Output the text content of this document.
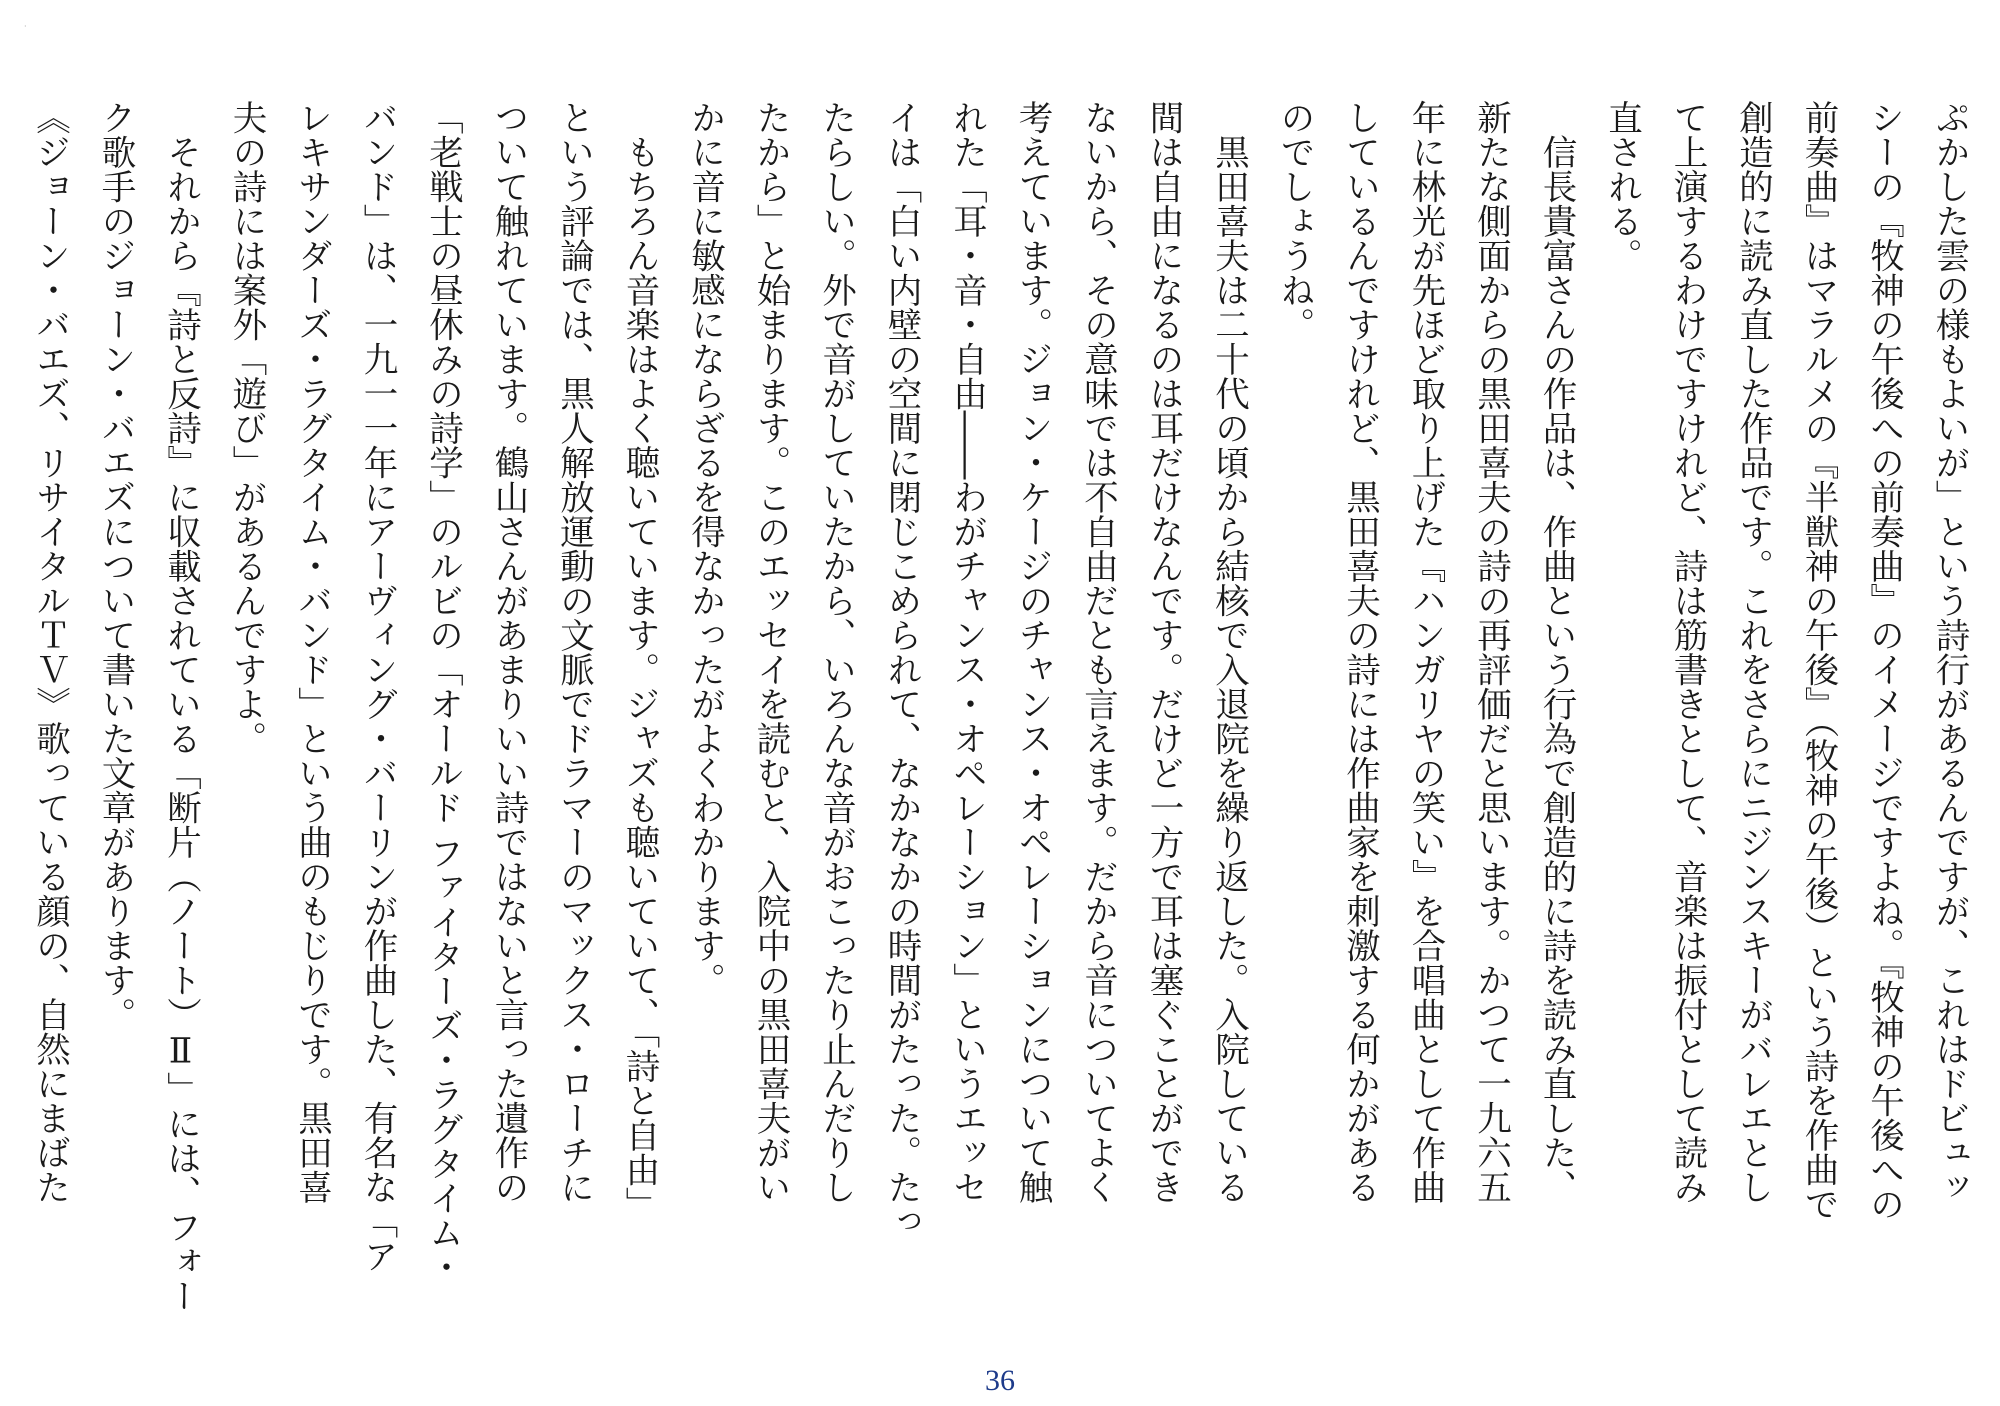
·
ぷかした雲の様もよいが」という詩行があるんですが、これはドビュッ
シーの『牧神の午後への前奏曲』のイメージですよね。『牧神の午後への
前奏曲』はマラルメの『半獣神の午後』（牧神の午後）という詩を作曲で
創造的に読み直した作品です。これをさらにニジンスキーがバレエとし
て上演するわけですけれど、詩は筋書きとして、音楽は振付として読み
直される。
　信長貴富さんの作品は、作曲という行為で創造的に詩を読み直した、
新たな側面からの黒田喜夫の詩の再評価だと思います。かつて一九六五
年に林光が先ほど取り上げた『ハンガリヤの笑い』を合唱曲として作曲
しているんですけれど、黒田喜夫の詩には作曲家を刺激する何かがある
のでしょうね。
　黒田喜夫は二十代の頃から結核で入退院を繰り返した。入院している
間は自由になるのは耳だけなんです。だけど一方で耳は塞ぐことができ
ないから、その意味では不自由だとも言えます。だから音についてよく
考えています。ジョン・ケージのチャンス・オペレーションについて触
れた「耳・音・自由――わがチャンス・オペレーション」というエッセ
イは「白い内壁の空間に閉じこめられて、なかなかの時間がたった。たっ
たらしい。外で音がしていたから、いろんな音がおこったり止んだりし
たから」と始まります。このエッセイを読むと、入院中の黒田喜夫がい
かに音に敏感にならざるを得なかったがよくわかります。
　もちろん音楽はよく聴いています。ジャズも聴いていて、「詩と自由」
という評論では、黒人解放運動の文脈でドラマーのマックス・ローチに
ついて触れています。鶴山さんがあまりいい詩ではないと言った遺作の
「老戦士の昼休みの詩学」のルビの「オールド ファイターズ・ラグタイム・
バンド」は、一九一一年にアーヴィング・バーリンが作曲した、有名な「ア
レキサンダーズ・ラグタイム・バンド」という曲のもじりです。黒田喜
夫の詩には案外「遊び」があるんですよ。
　それから『詩と反詩』に収載されている「断片（ノート）Ⅱ」には、フォー
ク歌手のジョーン・バエズについて書いた文章があります。
《ジョーン・バエズ、リサイタルＴＶ》歌っている顔の、自然にまばた
36
